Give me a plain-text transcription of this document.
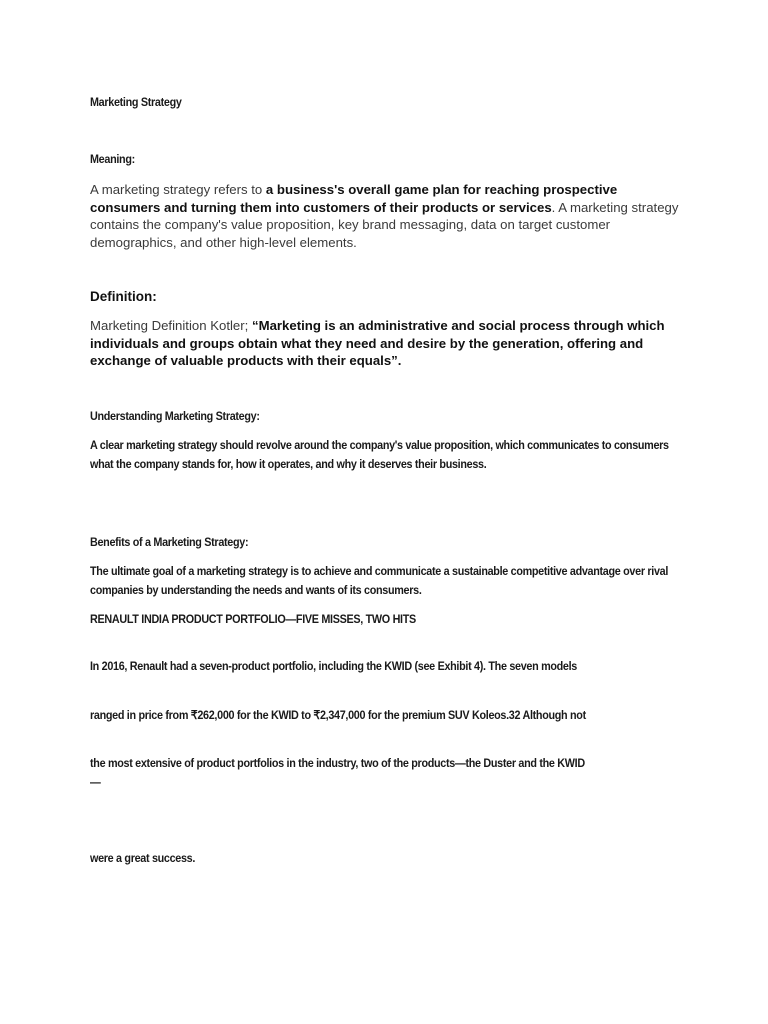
Marketing Strategy
Meaning:
A marketing strategy refers to a business's overall game plan for reaching prospective consumers and turning them into customers of their products or services. A marketing strategy contains the company's value proposition, key brand messaging, data on target customer demographics, and other high-level elements.
Definition:
Marketing Definition Kotler; “Marketing is an administrative and social process through which individuals and groups obtain what they need and desire by the generation, offering and exchange of valuable products with their equals”.
Understanding Marketing Strategy:
A clear marketing strategy should revolve around the company's value proposition, which communicates to consumers what the company stands for, how it operates, and why it deserves their business.
Benefits of a Marketing Strategy:
The ultimate goal of a marketing strategy is to achieve and communicate a sustainable competitive advantage over rival companies by understanding the needs and wants of its consumers.
RENAULT INDIA PRODUCT PORTFOLIO—FIVE MISSES, TWO HITS
In 2016, Renault had a seven-product portfolio, including the KWID (see Exhibit 4). The seven models
ranged in price from ₹262,000 for the KWID to ₹2,347,000 for the premium SUV Koleos.32 Although not
the most extensive of product portfolios in the industry, two of the products—the Duster and the KWID
—
were a great success.
